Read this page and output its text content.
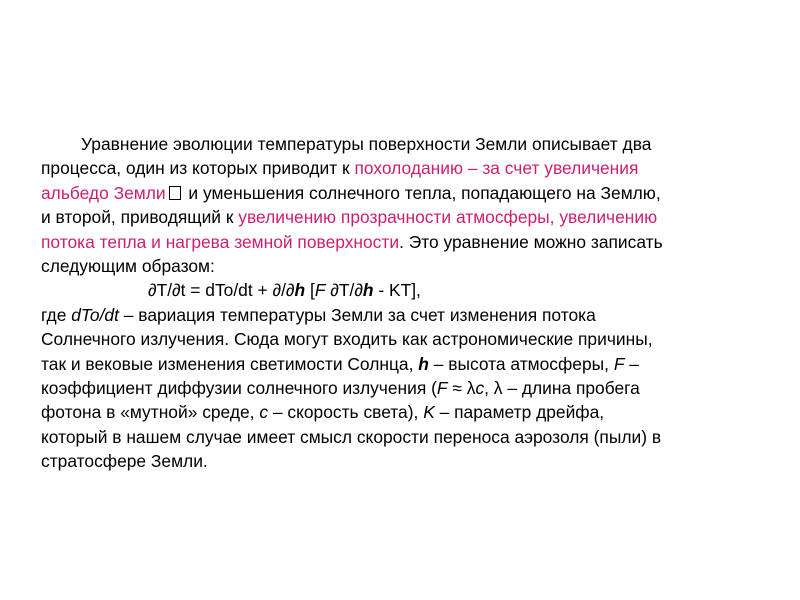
Уравнение эволюции температуры поверхности Земли описывает два
процесса, один из которых приводит к похолоданию – за счет увеличения
альбедо Земли и уменьшения солнечного тепла, попадающего на Землю,
и второй, приводящий к увеличению прозрачности атмосферы, увеличению
потока тепла и нагрева земной поверхности. Это уравнение можно записать
следующим образом:
∂T/∂t = dTo/dt + ∂/∂h [F ∂T/∂h - KT],
где dTo/dt – вариация температуры Земли за счет изменения потока
Солнечного излучения. Сюда могут входить как астрономические причины,
так и вековые изменения светимости Солнца, h – высота атмосферы, F –
коэффициент диффузии солнечного излучения (F ≈ λc, λ – длина пробега
фотона в «мутной» среде, c – скорость света), K – параметр дрейфа,
который в нашем случае имеет смысл скорости переноса аэрозоля (пыли) в
стратосфере Земли.
